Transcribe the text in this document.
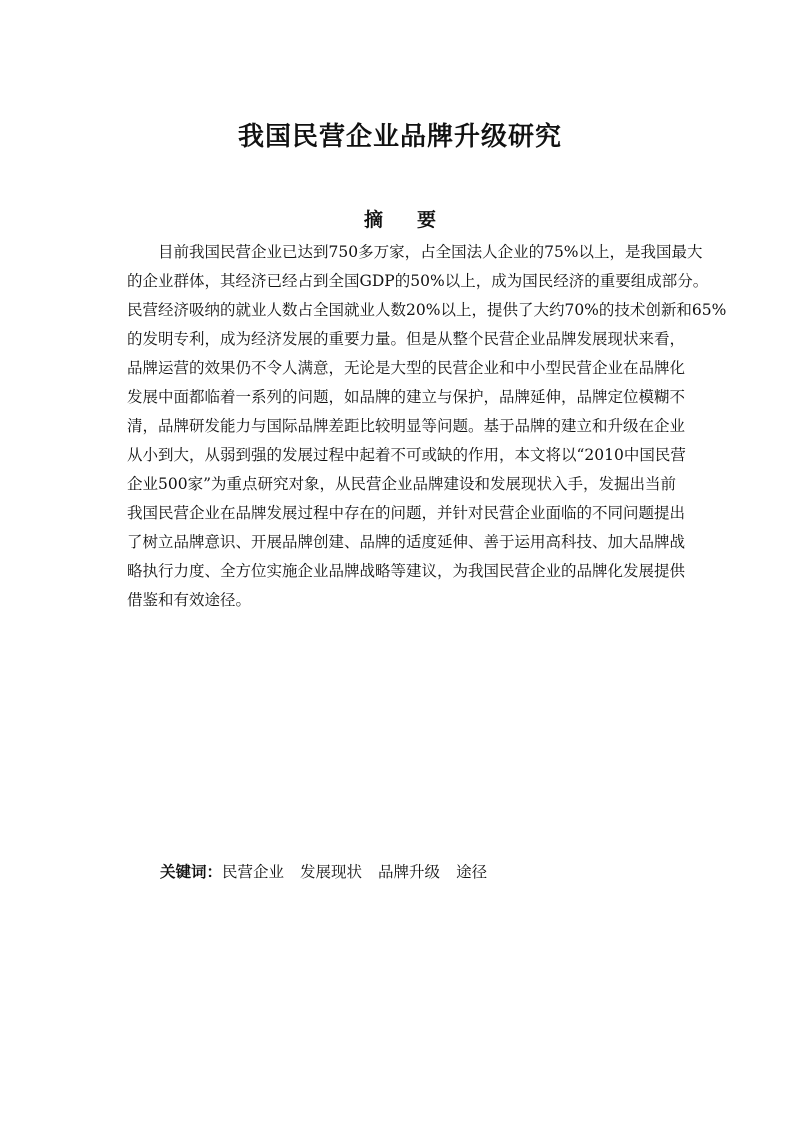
我国民营企业品牌升级研究
摘 要
目前我国民营企业已达到750多万家，占全国法人企业的75%以上，是我国最大
的企业群体，其经济已经占到全国GDP的50%以上，成为国民经济的重要组成部分。
民营经济吸纳的就业人数占全国就业人数20%以上，提供了大约70%的技术创新和65%
的发明专利，成为经济发展的重要力量。但是从整个民营企业品牌发展现状来看，
品牌运营的效果仍不令人满意，无论是大型的民营企业和中小型民营企业在品牌化
发展中面都临着一系列的问题，如品牌的建立与保护，品牌延伸，品牌定位模糊不
清，品牌研发能力与国际品牌差距比较明显等问题。基于品牌的建立和升级在企业
从小到大，从弱到强的发展过程中起着不可或缺的作用，本文将以“2010中国民营
企业500家”为重点研究对象，从民营企业品牌建设和发展现状入手，发掘出当前
我国民营企业在品牌发展过程中存在的问题，并针对民营企业面临的不同问题提出
了树立品牌意识、开展品牌创建、品牌的适度延伸、善于运用高科技、加大品牌战
略执行力度、全方位实施企业品牌战略等建议，为我国民营企业的品牌化发展提供
借鉴和有效途径。
关键词：民营企业 发展现状 品牌升级 途径
